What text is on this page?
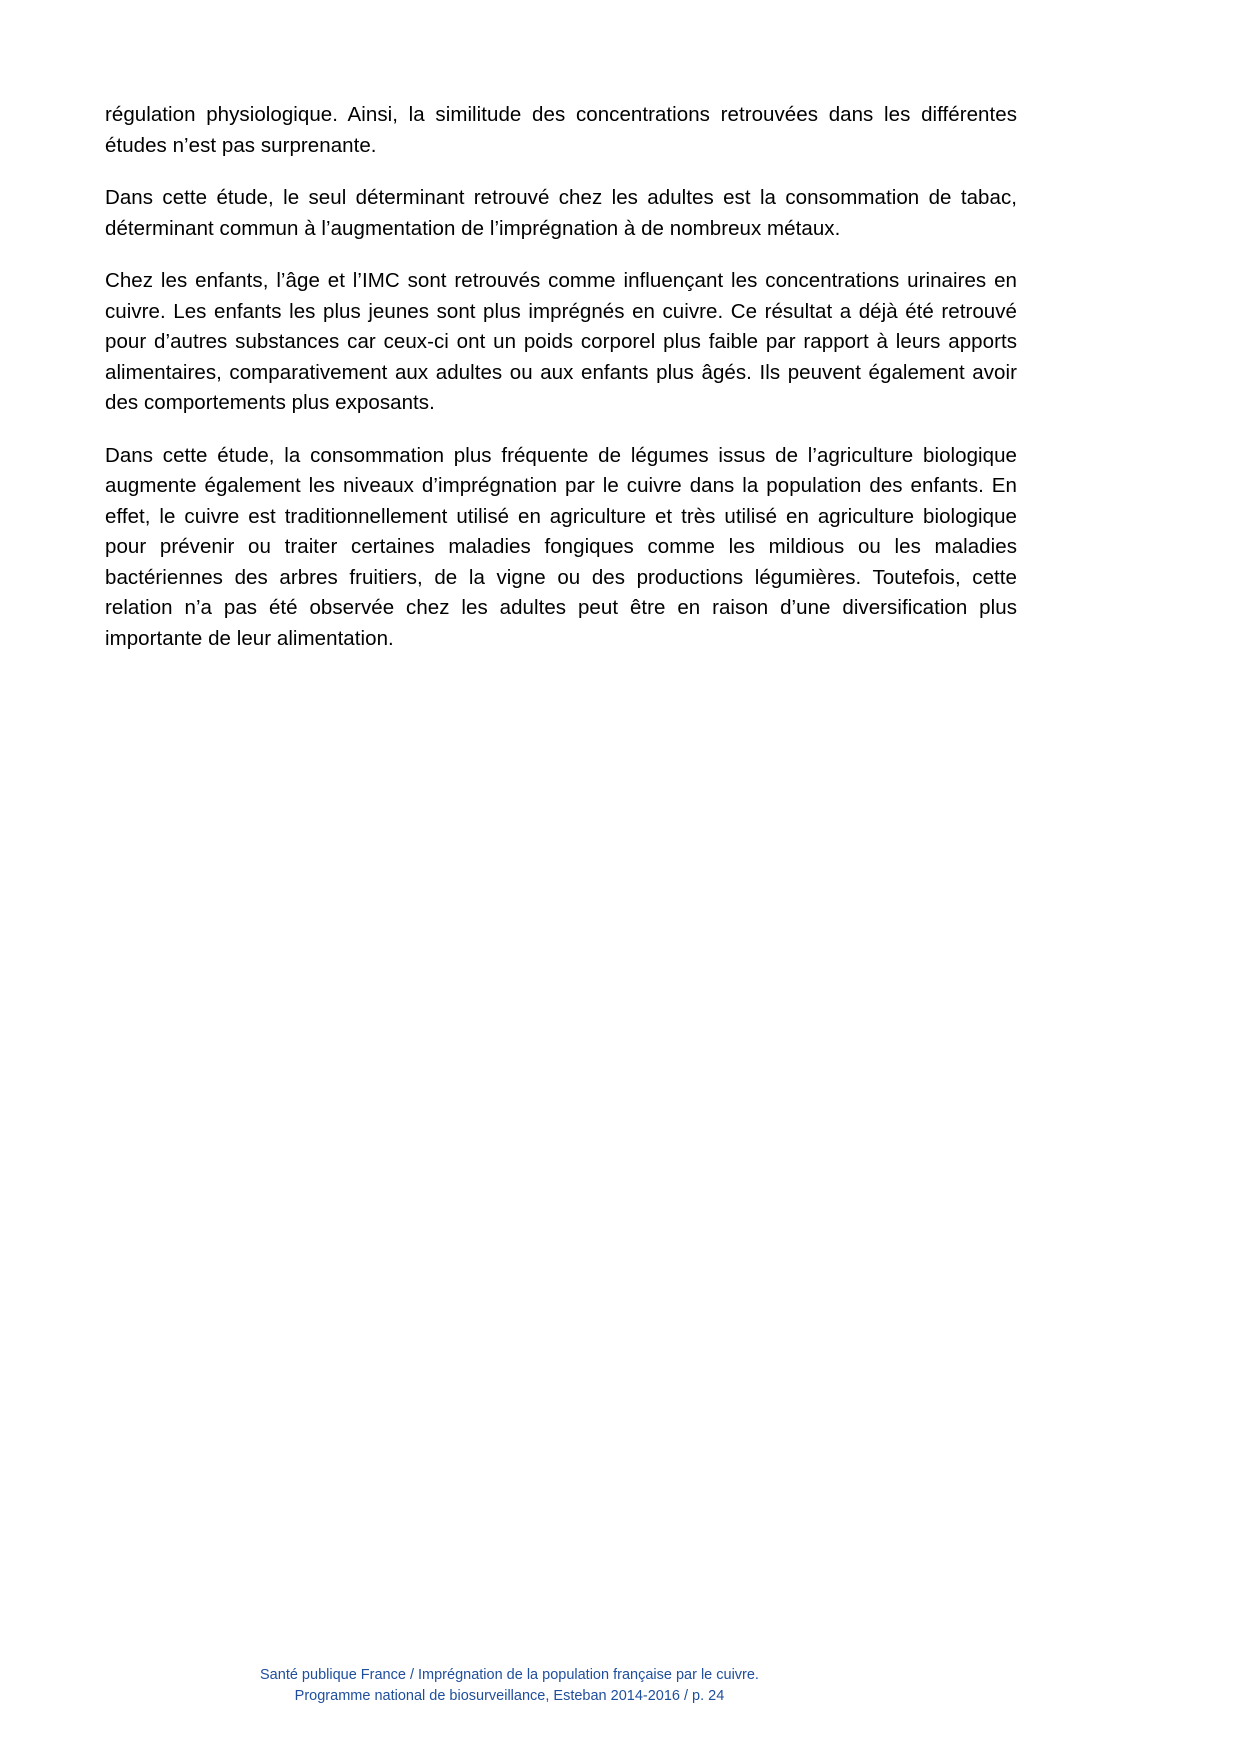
régulation physiologique. Ainsi, la similitude des concentrations retrouvées dans les différentes études n’est pas surprenante.

Dans cette étude, le seul déterminant retrouvé chez les adultes est la consommation de tabac, déterminant commun à l’augmentation de l’imprégnation à de nombreux métaux.

Chez les enfants, l’âge et l’IMC sont retrouvés comme influençant les concentrations urinaires en cuivre. Les enfants les plus jeunes sont plus imprégnés en cuivre. Ce résultat a déjà été retrouvé pour d’autres substances car ceux-ci ont un poids corporel plus faible par rapport à leurs apports alimentaires, comparativement aux adultes ou aux enfants plus âgés. Ils peuvent également avoir des comportements plus exposants.

Dans cette étude, la consommation plus fréquente de légumes issus de l’agriculture biologique augmente également les niveaux d’imprégnation par le cuivre dans la population des enfants. En effet, le cuivre est traditionnellement utilisé en agriculture et très utilisé en agriculture biologique pour prévenir ou traiter certaines maladies fongiques comme les mildious ou les maladies bactériennes des arbres fruitiers, de la vigne ou des productions légumières. Toutefois, cette relation n’a pas été observée chez les adultes peut être en raison d’une diversification plus importante de leur alimentation.

Santé publique France / Imprégnation de la population française par le cuivre.
Programme national de biosurveillance, Esteban 2014-2016 / p. 24
